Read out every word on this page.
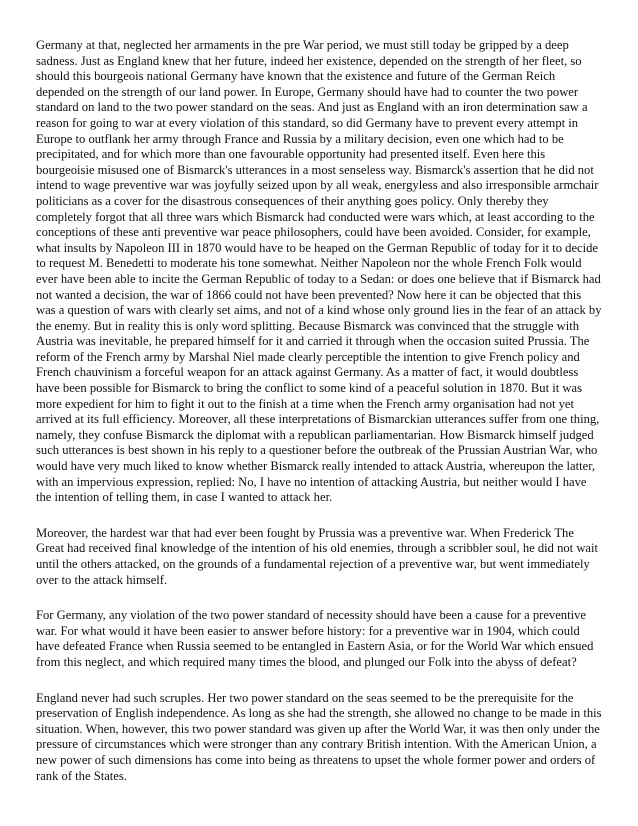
Germany at that, neglected her armaments in the pre War period, we must still today be gripped by a deep sadness. Just as England knew that her future, indeed her existence, depended on the strength of her fleet, so should this bourgeois national Germany have known that the existence and future of the German Reich depended on the strength of our land power. In Europe, Germany should have had to counter the two power standard on land to the two power standard on the seas. And just as England with an iron determination saw a reason for going to war at every violation of this standard, so did Germany have to prevent every attempt in Europe to outflank her army through France and Russia by a military decision, even one which had to be precipitated, and for which more than one favourable opportunity had presented itself. Even here this bourgeoisie misused one of Bismarck's utterances in a most senseless way. Bismarck's assertion that he did not intend to wage preventive war was joyfully seized upon by all weak, energyless and also irresponsible armchair politicians as a cover for the disastrous consequences of their anything goes policy. Only thereby they completely forgot that all three wars which Bismarck had conducted were wars which, at least according to the conceptions of these anti preventive war peace philosophers, could have been avoided. Consider, for example, what insults by Napoleon III in 1870 would have to be heaped on the German Republic of today for it to decide to request M. Benedetti to moderate his tone somewhat. Neither Napoleon nor the whole French Folk would ever have been able to incite the German Republic of today to a Sedan: or does one believe that if Bismarck had not wanted a decision, the war of 1866 could not have been prevented? Now here it can be objected that this was a question of wars with clearly set aims, and not of a kind whose only ground lies in the fear of an attack by the enemy. But in reality this is only word splitting. Because Bismarck was convinced that the struggle with Austria was inevitable, he prepared himself for it and carried it through when the occasion suited Prussia. The reform of the French army by Marshal Niel made clearly perceptible the intention to give French policy and French chauvinism a forceful weapon for an attack against Germany. As a matter of fact, it would doubtless have been possible for Bismarck to bring the conflict to some kind of a peaceful solution in 1870. But it was more expedient for him to fight it out to the finish at a time when the French army organisation had not yet arrived at its full efficiency. Moreover, all these interpretations of Bismarckian utterances suffer from one thing, namely, they confuse Bismarck the diplomat with a republican parliamentarian. How Bismarck himself judged such utterances is best shown in his reply to a questioner before the outbreak of the Prussian Austrian War, who would have very much liked to know whether Bismarck really intended to attack Austria, whereupon the latter, with an impervious expression, replied: No, I have no intention of attacking Austria, but neither would I have the intention of telling them, in case I wanted to attack her.

Moreover, the hardest war that had ever been fought by Prussia was a preventive war. When Frederick The Great had received final knowledge of the intention of his old enemies, through a scribbler soul, he did not wait until the others attacked, on the grounds of a fundamental rejection of a preventive war, but went immediately over to the attack himself.

For Germany, any violation of the two power standard of necessity should have been a cause for a preventive war. For what would it have been easier to answer before history: for a preventive war in 1904, which could have defeated France when Russia seemed to be entangled in Eastern Asia, or for the World War which ensued from this neglect, and which required many times the blood, and plunged our Folk into the abyss of defeat?

England never had such scruples. Her two power standard on the seas seemed to be the prerequisite for the preservation of English independence. As long as she had the strength, she allowed no change to be made in this situation. When, however, this two power standard was given up after the World War, it was then only under the pressure of circumstances which were stronger than any contrary British intention. With the American Union, a new power of such dimensions has come into being as threatens to upset the whole former power and orders of rank of the States.
